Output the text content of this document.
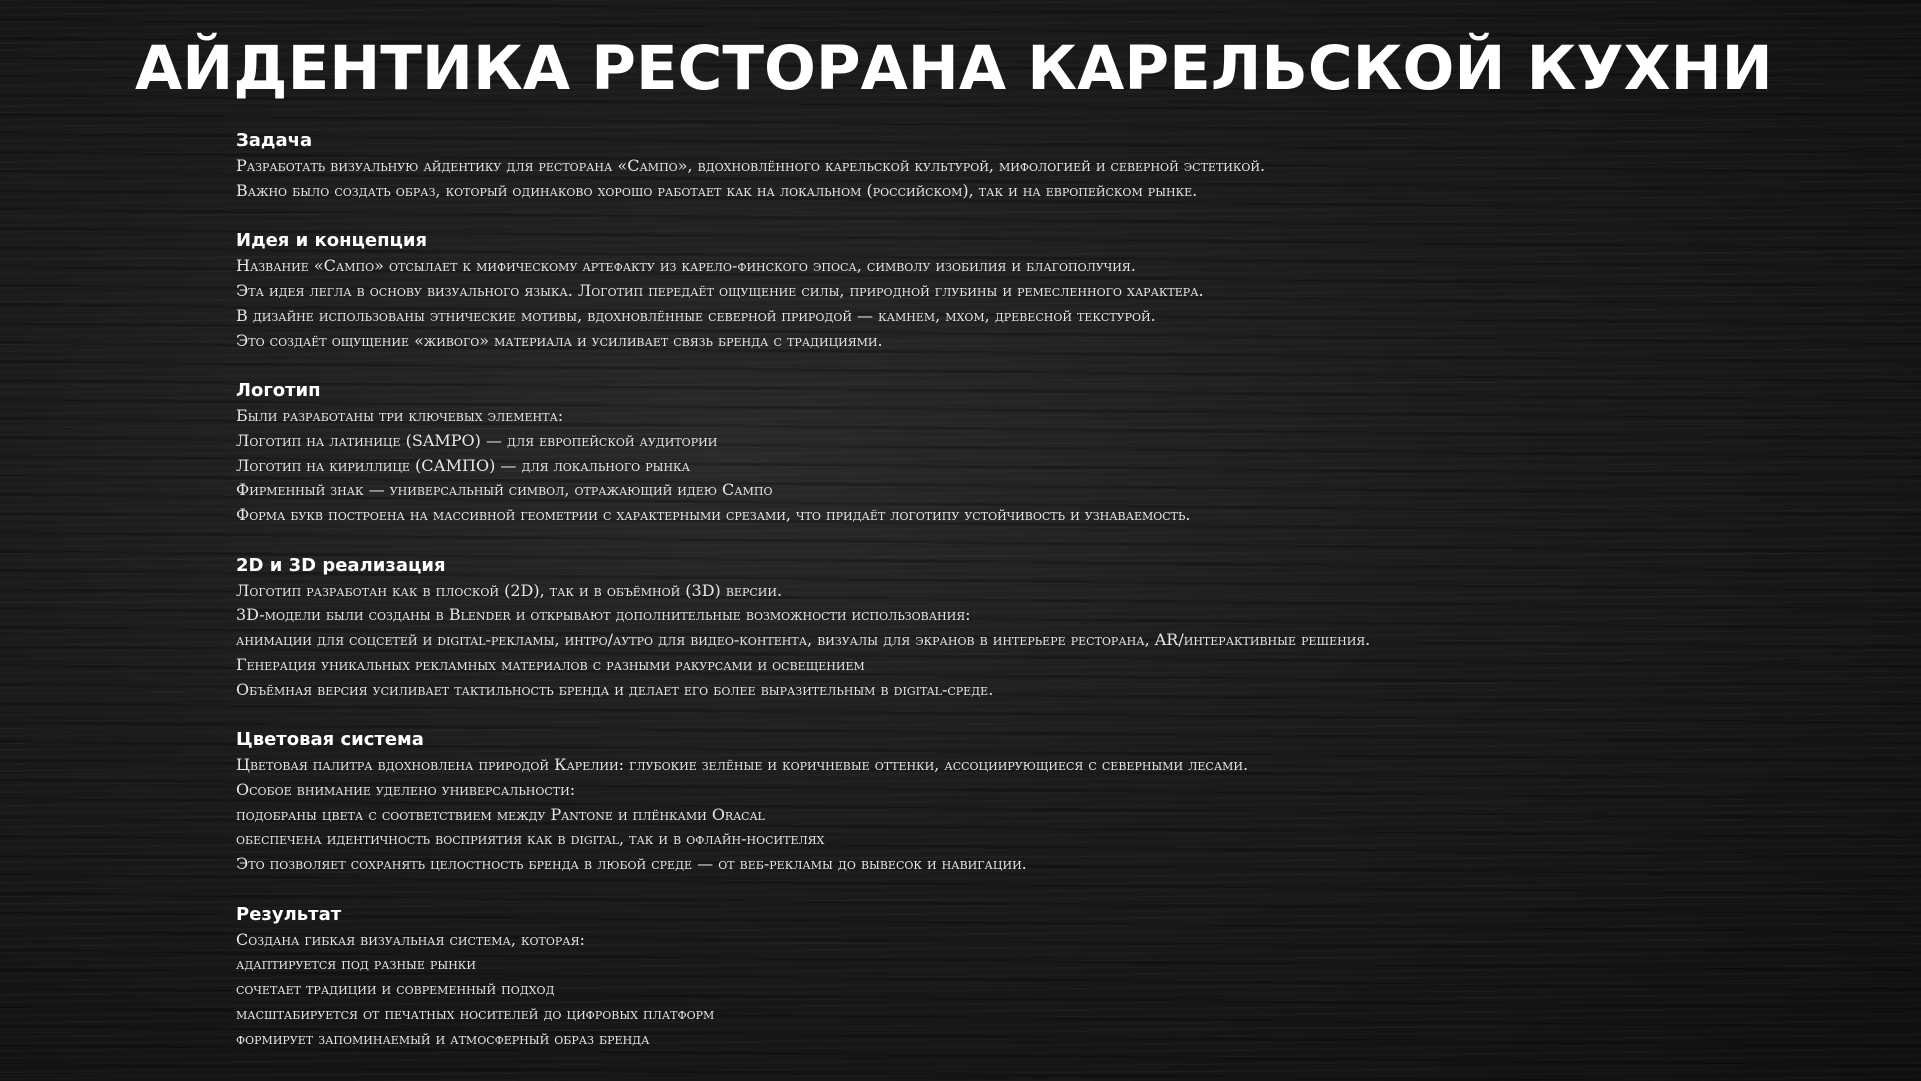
АЙДЕНТИКА РЕСТОРАНА КАРЕЛЬСКОЙ КУХНИ
Задача
Разработать визуальную айдентику для ресторана «Сампо», вдохновлённого карельской культурой, мифологией и северной эстетикой.
Важно было создать образ, который одинаково хорошо работает как на локальном (российском), так и на европейском рынке.
Идея и концепция
Название «Сампо» отсылает к мифическому артефакту из карело-финского эпоса, символу изобилия и благополучия.
Эта идея легла в основу визуального языка. Логотип передаёт ощущение силы, природной глубины и ремесленного характера.
В дизайне использованы этнические мотивы, вдохновлённые северной природой — камнем, мхом, древесной текстурой.
Это создаёт ощущение «живого» материала и усиливает связь бренда с традициями.
Логотип
Были разработаны три ключевых элемента:
Логотип на латинице (SAMPO) — для европейской аудитории
Логотип на кириллице (САМПО) — для локального рынка
Фирменный знак — универсальный символ, отражающий идею Сампо
Форма букв построена на массивной геометрии с характерными срезами, что придаёт логотипу устойчивость и узнаваемость.
2D и 3D реализация
Логотип разработан как в плоской (2D), так и в объёмной (3D) версии.
3D-модели были созданы в Blender и открывают дополнительные возможности использования:
анимации для соцсетей и digital-рекламы, интро/аутро для видео-контента, визуалы для экранов в интерьере ресторана, AR/интерактивные решения.
Генерация уникальных рекламных материалов с разными ракурсами и освещением
Объёмная версия усиливает тактильность бренда и делает его более выразительным в digital-среде.
Цветовая система
Цветовая палитра вдохновлена природой Карелии: глубокие зелёные и коричневые оттенки, ассоциирующиеся с северными лесами.
Особое внимание уделено универсальности:
подобраны цвета с соответствием между Pantone и плёнками Oracal
обеспечена идентичность восприятия как в digital, так и в офлайн-носителях
Это позволяет сохранять целостность бренда в любой среде — от веб-рекламы до вывесок и навигации.
Результат
Создана гибкая визуальная система, которая:
адаптируется под разные рынки
сочетает традиции и современный подход
масштабируется от печатных носителей до цифровых платформ
формирует запоминаемый и атмосферный образ бренда
